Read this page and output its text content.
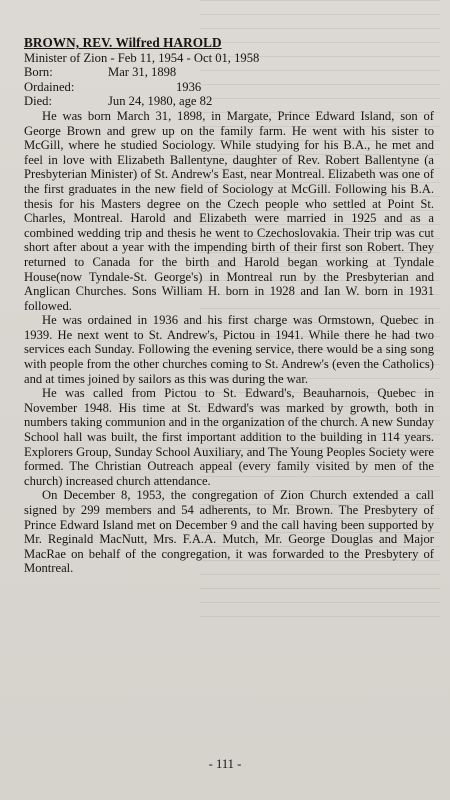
BROWN, REV. Wilfred HAROLD
Minister of Zion - Feb 11, 1954 - Oct 01, 1958
Born:	Mar 31, 1898
Ordained:	1936
Died:	Jun 24, 1980, age 82

He was born March 31, 1898, in Margate, Prince Edward Island, son of George Brown and grew up on the family farm. He went with his sister to McGill, where he studied Sociology. While studying for his B.A., he met and feel in love with Elizabeth Ballentyne, daughter of Rev. Robert Ballentyne (a Presbyterian Minister) of St. Andrew's East, near Montreal. Elizabeth was one of the first graduates in the new field of Sociology at McGill. Following his B.A. thesis for his Masters degree on the Czech people who settled at Point St. Charles, Montreal. Harold and Elizabeth were married in 1925 and as a combined wedding trip and thesis he went to Czechoslovakia. Their trip was cut short after about a year with the impending birth of their first son Robert. They returned to Canada for the birth and Harold began working at Tyndale House(now Tyndale-St. George's) in Montreal run by the Presbyterian and Anglican Churches. Sons William H. born in 1928 and Ian W. born in 1931 followed.

He was ordained in 1936 and his first charge was Ormstown, Quebec in 1939. He next went to St. Andrew's, Pictou in 1941. While there he had two services each Sunday. Following the evening service, there would be a sing song with people from the other churches coming to St. Andrew's (even the Catholics) and at times joined by sailors as this was during the war.

He was called from Pictou to St. Edward's, Beauharnois, Quebec in November 1948. His time at St. Edward's was marked by growth, both in numbers taking communion and in the organization of the church. A new Sunday School hall was built, the first important addition to the building in 114 years. Explorers Group, Sunday School Auxiliary, and The Young Peoples Society were formed. The Christian Outreach appeal (every family visited by men of the church) increased church attendance.

On December 8, 1953, the congregation of Zion Church extended a call signed by 299 members and 54 adherents, to Mr. Brown. The Presbytery of Prince Edward Island met on December 9 and the call having been supported by Mr. Reginald MacNutt, Mrs. F.A.A. Mutch, Mr. George Douglas and Major MacRae on behalf of the congregation, it was forwarded to the Presbytery of Montreal.

- 111 -
